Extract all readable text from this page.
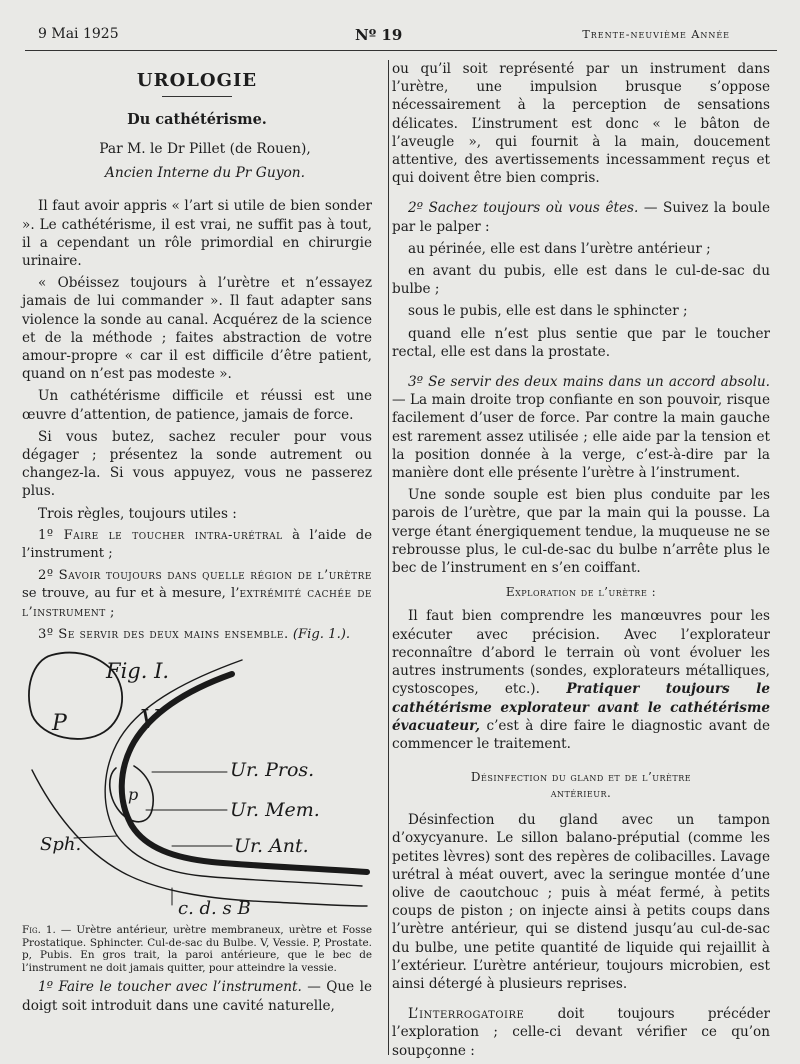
9 Mai 1925	Nº 19	Trente-neuvième Année
UROLOGIE
Du cathétérisme.

Par M. le Dr Pillet (de Rouen),

Ancien Interne du Pr Guyon.

Il faut avoir appris « l’art si utile de bien sonder ». Le cathétérisme, il est vrai, ne suffit pas à tout, il a cependant un rôle primordial en chirurgie urinaire.

« Obéissez toujours à l’urètre et n’essayez jamais de lui commander ». Il faut adapter sans violence la sonde au canal. Acquérez de la science et de la méthode ; faites abstraction de votre amour-propre « car il est difficile d’être patient, quand on n’est pas modeste ».

Un cathétérisme difficile et réussi est une œuvre d’attention, de patience, jamais de force.

Si vous butez, sachez reculer pour vous dégager ; présentez la sonde autrement ou changez-la. Si vous appuyez, vous ne passerez plus.

Trois règles, toujours utiles :

1º Faire le toucher intra-urétral à l’aide de l’instrument ;

2º Savoir toujours dans quelle région de l’urètre se trouve, au fur et à mesure, l’extrémité cachée de l’instrument ;

3º Se servir des deux mains ensemble. (Fig. 1.).

Fig. I.
V
P
p
Ur. Pros.
Ur. Mem.
Ur. Ant.
Sph.
c. d. s B

Fig. 1. — Urètre antérieur, urètre membraneux, urètre et Fosse Prostatique. Sphincter. Cul-de-sac du Bulbe. V, Vessie. P, Prostate. p, Pubis. En gros trait, la paroi antérieure, que le bec de l’instrument ne doit jamais quitter, pour atteindre la vessie.

1º Faire le toucher avec l’instrument. — Que le doigt soit introduit dans une cavité naturelle,

ou qu’il soit représenté par un instrument dans l’urètre, une impulsion brusque s’oppose nécessairement à la perception de sensations délicates. L’instrument est donc « le bâton de l’aveugle », qui fournit à la main, doucement attentive, des avertissements incessamment reçus et qui doivent être bien compris.

2º Sachez toujours où vous êtes. — Suivez la boule par le palper :

au périnée, elle est dans l’urètre antérieur ;

en avant du pubis, elle est dans le cul-de-sac du bulbe ;

sous le pubis, elle est dans le sphincter ;

quand elle n’est plus sentie que par le toucher rectal, elle est dans la prostate.

3º Se servir des deux mains dans un accord absolu. — La main droite trop confiante en son pouvoir, risque facilement d’user de force. Par contre la main gauche est rarement assez utilisée ; elle aide par la tension et la position donnée à la verge, c’est-à-dire par la manière dont elle présente l’urètre à l’instrument.

Une sonde souple est bien plus conduite par les parois de l’urètre, que par la main qui la pousse. La verge étant énergiquement tendue, la muqueuse ne se rebrousse plus, le cul-de-sac du bulbe n’arrête plus le bec de l’instrument en s’en coiffant.

Exploration de l’urètre :

Il faut bien comprendre les manœuvres pour les exécuter avec précision. Avec l’explorateur reconnaître d’abord le terrain où vont évoluer les autres instruments (sondes, explorateurs métalliques, cystoscopes, etc.). Pratiquer toujours le cathétérisme explorateur avant le cathétérisme évacuateur, c’est à dire faire le diagnostic avant de commencer le traitement.

Désinfection du gland et de l’urètre
antérieur.

Désinfection du gland avec un tampon d’oxycyanure. Le sillon balano-préputial (comme les petites lèvres) sont des repères de colibacilles. Lavage urétral à méat ouvert, avec la seringue montée d’une olive de caoutchouc ; puis à méat fermé, à petits coups de piston ; on injecte ainsi à petits coups dans l’urètre antérieur, qui se distend jusqu’au cul-de-sac du bulbe, une petite quantité de liquide qui rejaillit à l’extérieur. L’urètre antérieur, toujours microbien, est ainsi détergé à plusieurs reprises.

L’interrogatoire doit toujours précéder l’exploration ; celle-ci devant vérifier ce qu’on soupçonne :
